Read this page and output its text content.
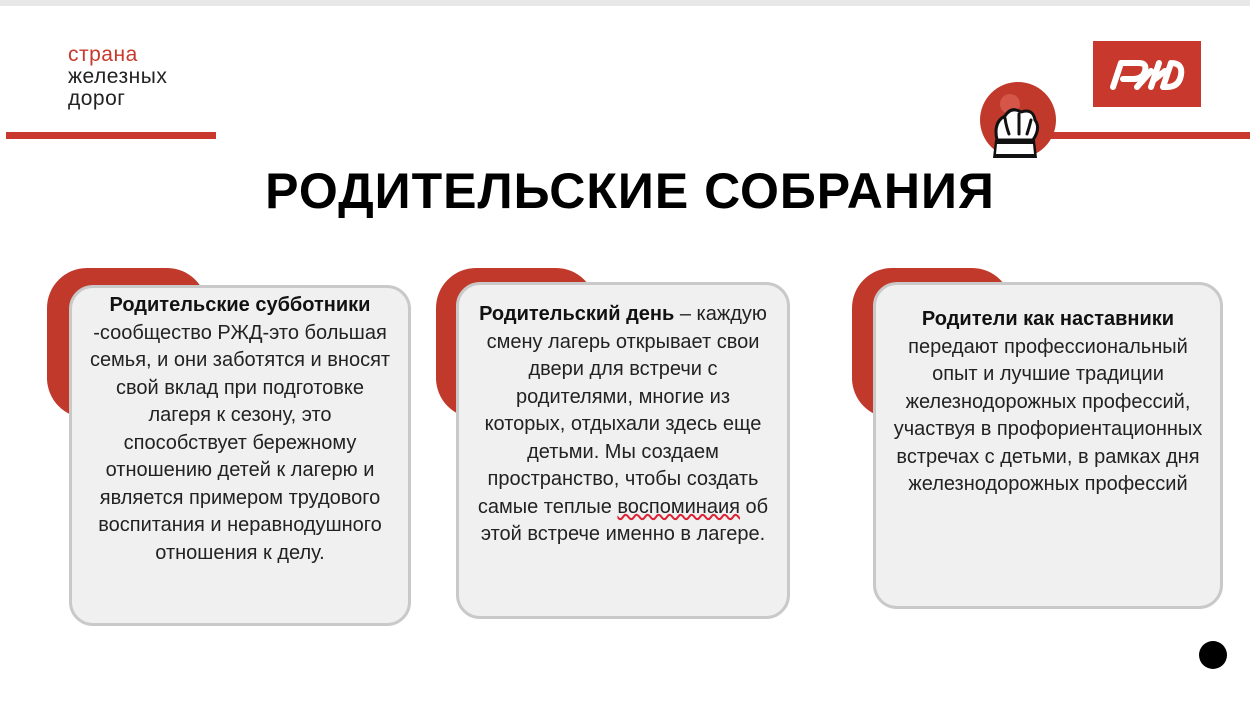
страна
железных
дорог
РОДИТЕЛЬСКИЕ СОБРАНИЯ
Родительские субботники -сообщество РЖД-это большая семья, и они заботятся и вносят свой вклад при подготовке лагеря к сезону, это способствует бережному отношению детей к лагерю и является примером трудового воспитания и неравнодушного отношения к делу.
Родительский день – каждую смену лагерь открывает свои двери для встречи с родителями, многие из которых, отдыхали здесь еще детьми. Мы создаем пространство, чтобы создать самые теплые воспоминаия об этой встрече именно в лагере.
Родители как наставники передают профессиональный опыт и лучшие традиции железнодорожных профессий, участвуя в профориентационных встречах с детьми, в рамках дня железнодорожных профессий
